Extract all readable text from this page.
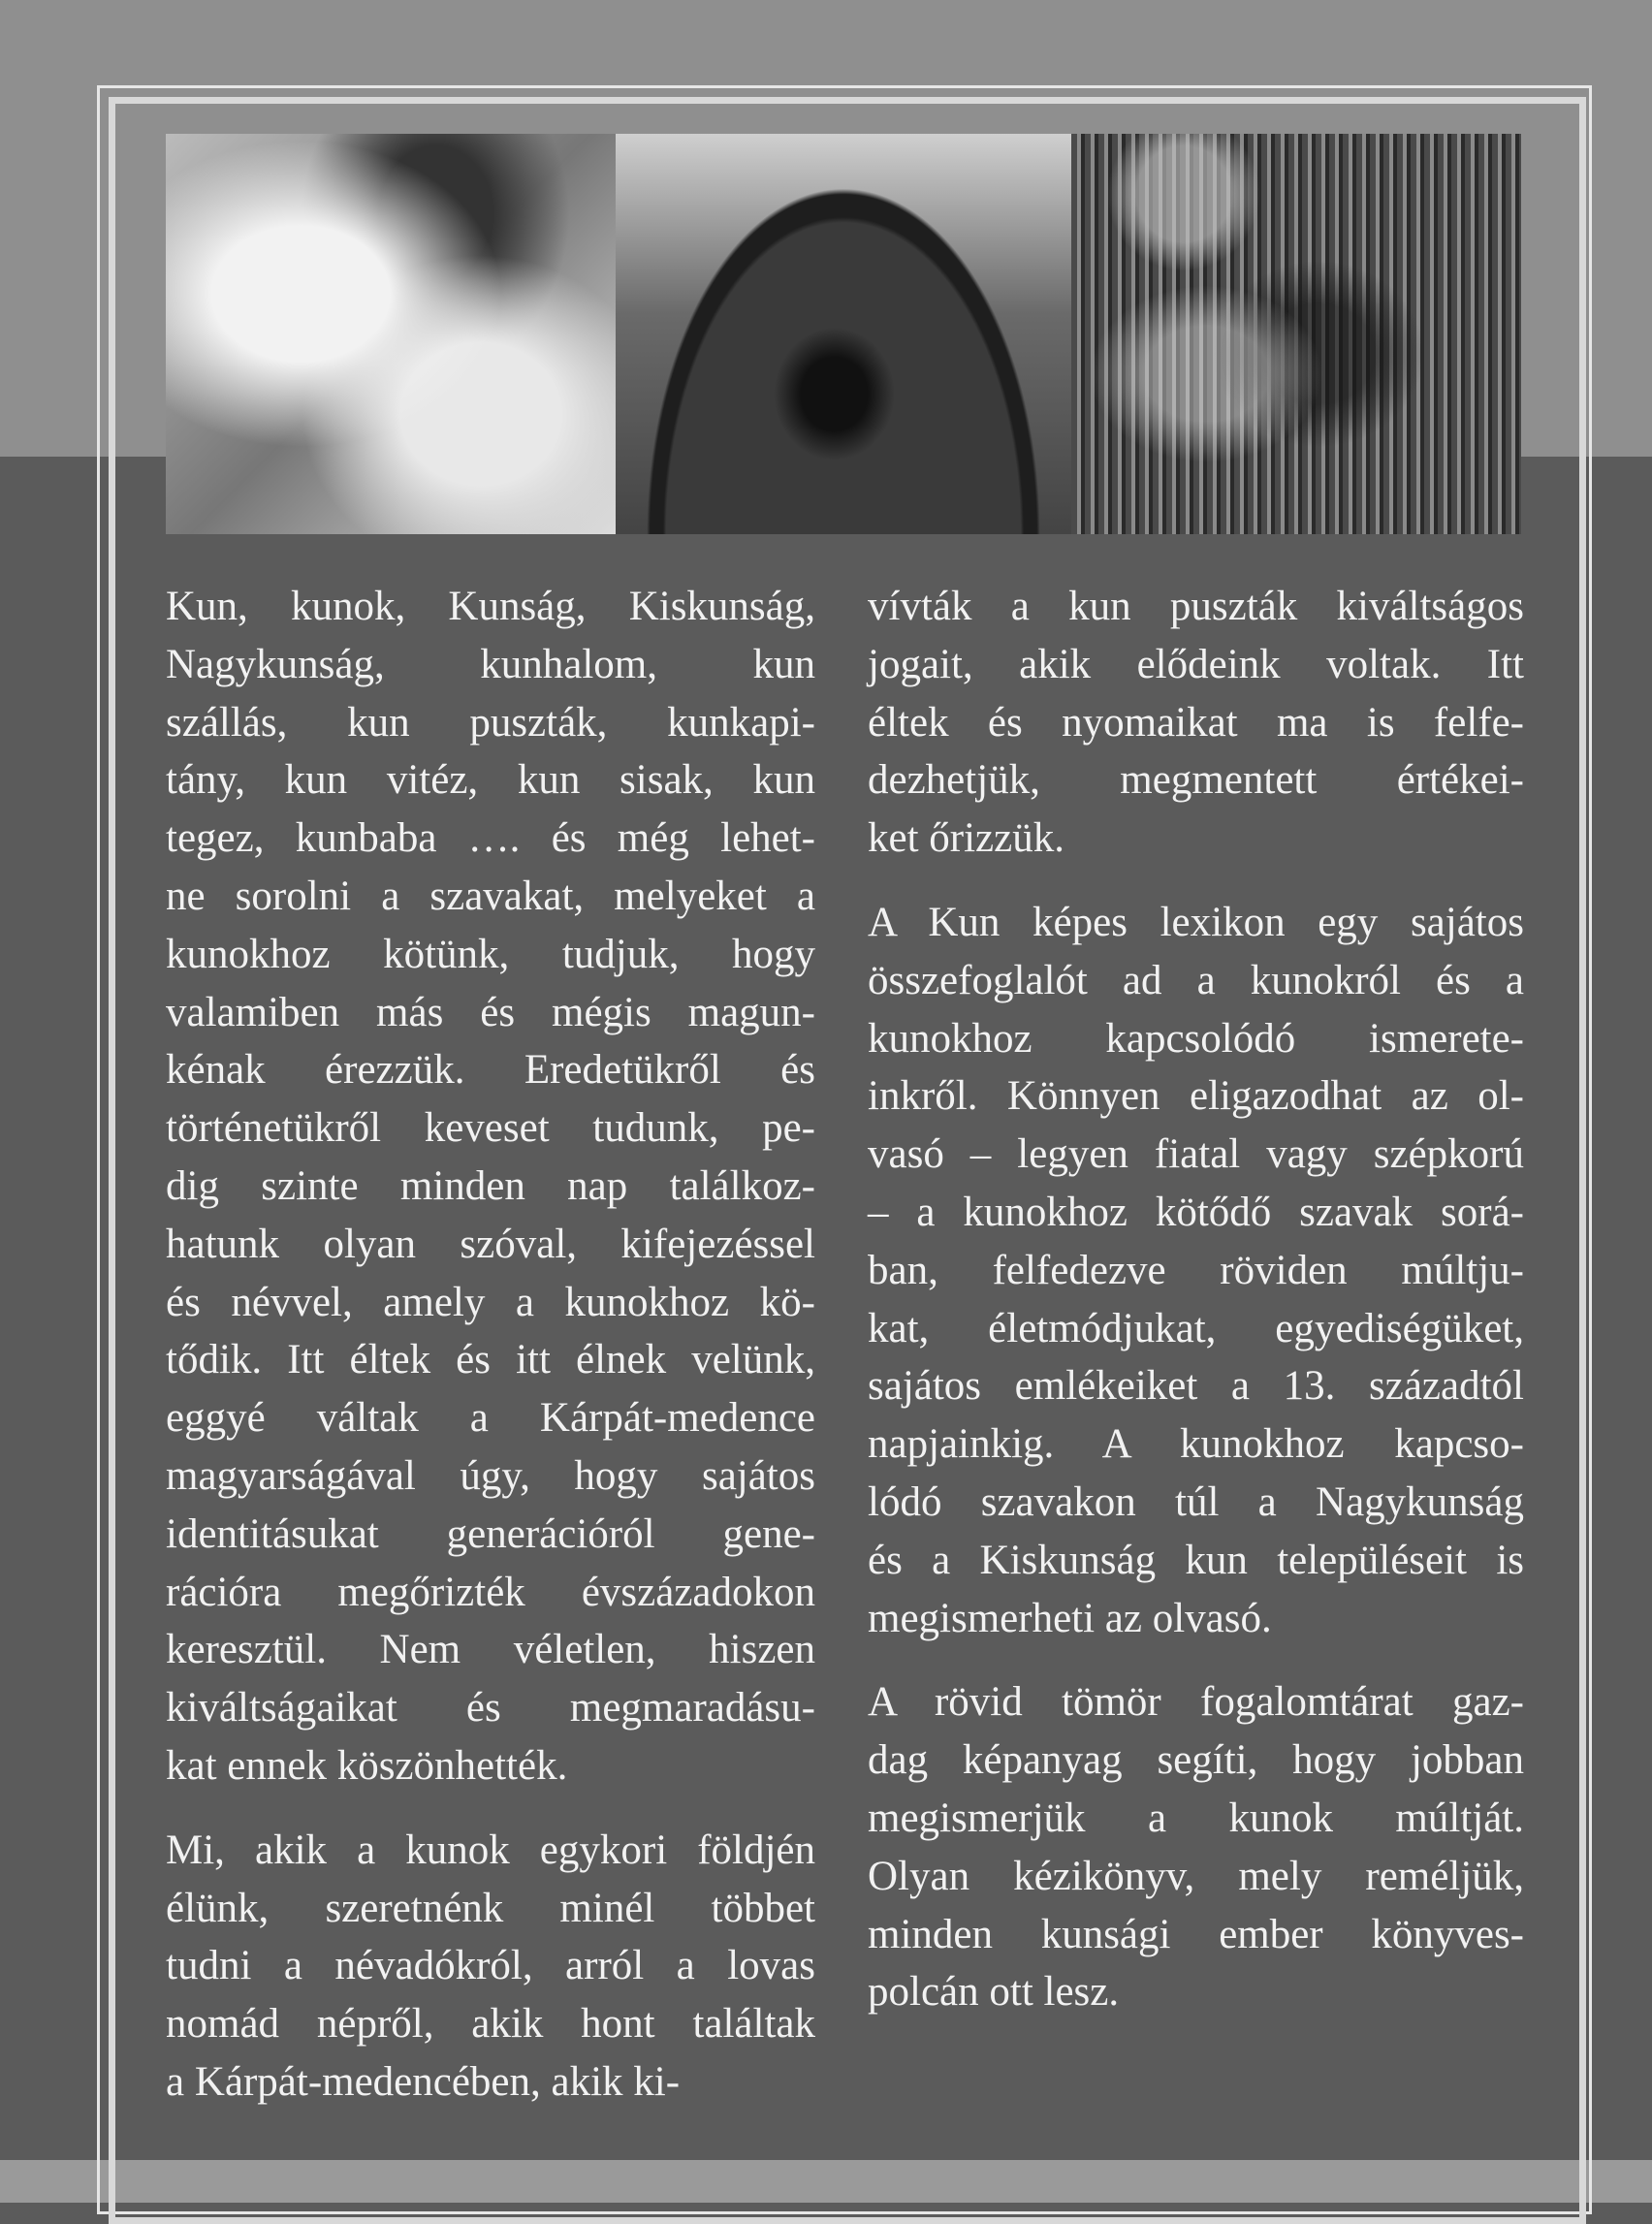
Kun, kunok, Kunság, Kiskunság,
Nagykunság, kunhalom, kun
szállás, kun puszták, kunkapi-
tány, kun vitéz, kun sisak, kun
tegez, kunbaba …. és még lehet-
ne sorolni a szavakat, melyeket a
kunokhoz kötünk, tudjuk, hogy
valamiben más és mégis magun-
kénak érezzük. Eredetükről és
történetükről keveset tudunk, pe-
dig szinte minden nap találkoz-
hatunk olyan szóval, kifejezéssel
és névvel, amely a kunokhoz kö-
tődik. Itt éltek és itt élnek velünk,
eggyé váltak a Kárpát-medence
magyarságával úgy, hogy sajátos
identitásukat generációról gene-
rációra megőrizték évszázadokon
keresztül. Nem véletlen, hiszen
kiváltságaikat és megmaradásu-
kat ennek köszönhették.
Mi, akik a kunok egykori földjén
élünk, szeretnénk minél többet
tudni a névadókról, arról a lovas
nomád népről, akik hont találtak
a Kárpát-medencében, akik ki-
vívták a kun puszták kiváltságos
jogait, akik elődeink voltak. Itt
éltek és nyomaikat ma is felfe-
dezhetjük, megmentett értékei-
ket őrizzük.
A Kun képes lexikon egy sajátos
összefoglalót ad a kunokról és a
kunokhoz kapcsolódó ismerete-
inkről. Könnyen eligazodhat az ol-
vasó – legyen fiatal vagy szépkorú
– a kunokhoz kötődő szavak sorá-
ban, felfedezve röviden múltju-
kat, életmódjukat, egyediségüket,
sajátos emlékeiket a 13. századtól
napjainkig. A kunokhoz kapcso-
lódó szavakon túl a Nagykunság
és a Kiskunság kun településeit is
megismerheti az olvasó.
A rövid tömör fogalomtárat gaz-
dag képanyag segíti, hogy jobban
megismerjük a kunok múltját.
Olyan kézikönyv, mely reméljük,
minden kunsági ember könyves-
polcán ott lesz.
